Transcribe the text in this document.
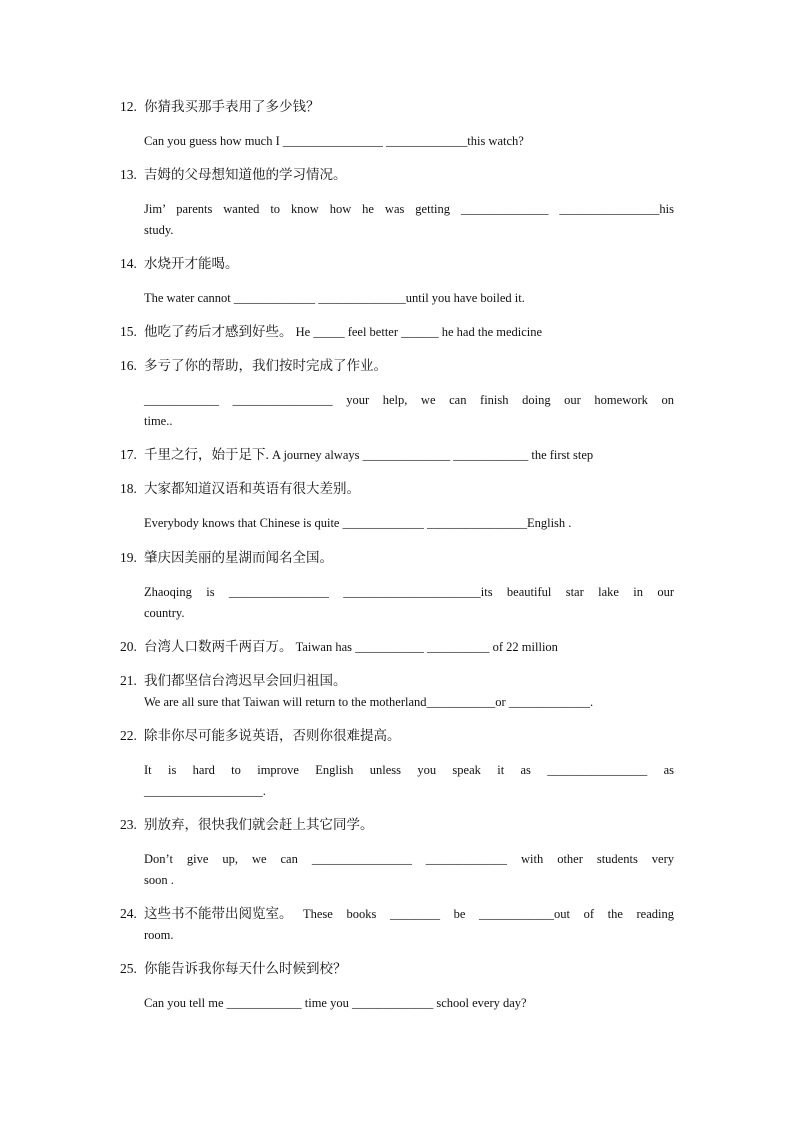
12. 你猜我买那手表用了多少钱？
Can you guess how much I ________________ _____________this watch?
13. 吉姆的父母想知道他的学习情况。
Jim’ parents wanted to know how he was getting ______________ ________________his
study.
14. 水烧开才能喝。
The water cannot _____________ ______________until you have boiled it.
15. 他吃了药后才感到好些。 He _____ feel better ______ he had the medicine
16. 多亏了你的帮助，我们按时完成了作业。
____________ ________________ your help, we can finish doing our homework on
time..
17. 千里之行，始于足下. A journey always ______________ ____________ the first step
18. 大家都知道汉语和英语有很大差别。
Everybody knows that Chinese is quite _____________ ________________English .
19. 肇庆因美丽的星湖而闻名全国。
Zhaoqing is ________________ ______________________its beautiful star lake in our
country.
20. 台湾人口数两千两百万。 Taiwan has ___________ __________ of 22 million
21. 我们都坚信台湾迟早会回归祖国。
We are all sure that Taiwan will return to the motherland___________or _____________.
22. 除非你尽可能多说英语，否则你很难提高。
It is hard to improve English unless you speak it as ________________ as
___________________.
23. 别放弃，很快我们就会赶上其它同学。
Don’t give up, we can ________________ _____________ with other students very
soon .
24. 这些书不能带出阅览室。 These books ________ be ____________out of the reading
room.
25. 你能告诉我你每天什么时候到校？
Can you tell me ____________ time you _____________ school every day?
